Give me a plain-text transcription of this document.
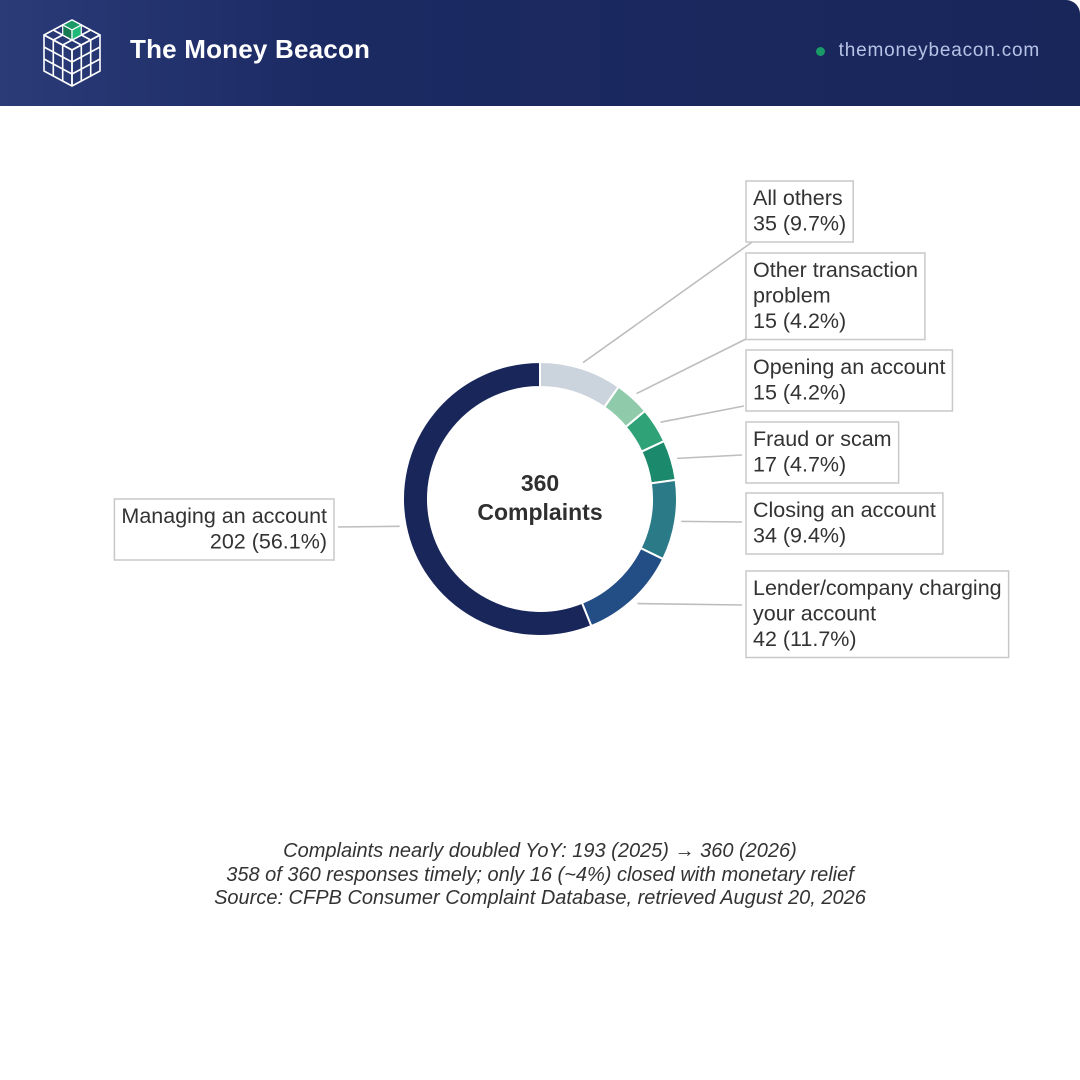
The Money Beacon	themoneybeacon.com
All others
35 (9.7%)
Other transaction
problem
15 (4.2%)
Opening an account
15 (4.2%)
Fraud or scam
17 (4.7%)
Closing an account
34 (9.4%)
Lender/company charging
your account
42 (11.7%)
Managing an account
202 (56.1%)
360
Complaints
Complaints nearly doubled YoY: 193 (2025) → 360 (2026)
358 of 360 responses timely; only 16 (~4%) closed with monetary relief
Source: CFPB Consumer Complaint Database, retrieved August 20, 2026
